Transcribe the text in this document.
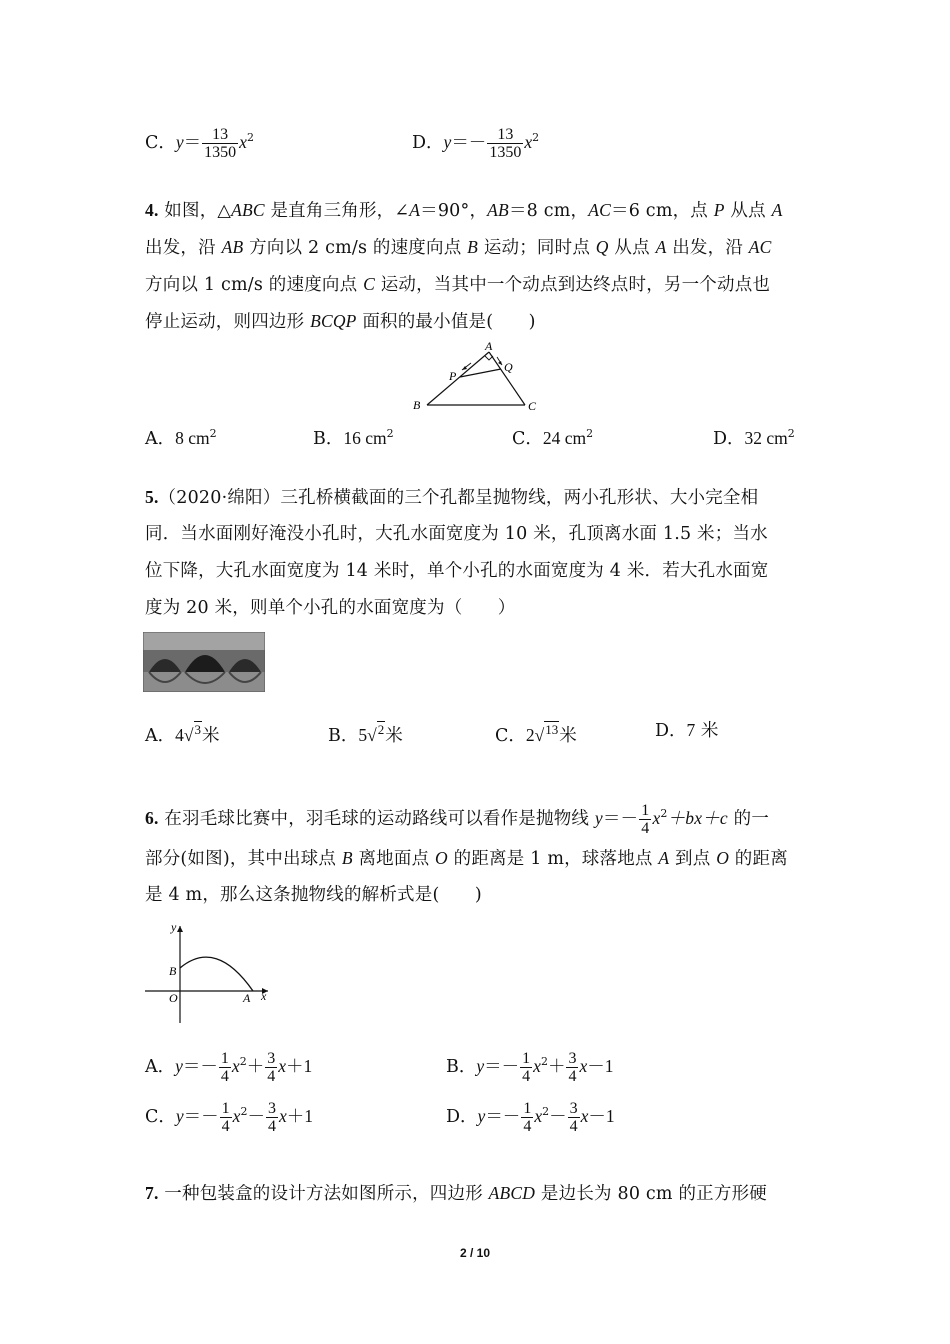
C．$y= \frac{13}{1350} x^2$	D．$y=- \frac{13}{1350} x^2$
4. 如图，△ABC 是直角三角形，∠A＝90°，AB＝8 cm，AC＝6 cm，点 P 从点 A
出发，沿 AB 方向以 2 cm/s 的速度向点 B 运动；同时点 Q 从点 A 出发，沿 AC
方向以 1 cm/s 的速度向点 C 运动，当其中一个动点到达终点时，另一个动点也
停止运动，则四边形 BCQP 面积的最小值是(　　)
A
B	C
P
Q
A．8 $cm^2$	B．16 $cm^2$	C．24 $cm^2$	D．32 $cm^2$
5.（2020·绵阳）三孔桥横截面的三个孔都呈抛物线，两小孔形状、大小完全相
同．当水面刚好淹没小孔时，大孔水面宽度为 10 米，孔顶离水面 1.5 米；当水
位下降，大孔水面宽度为 14 米时，单个小孔的水面宽度为 4 米．若大孔水面宽
度为 20 米，则单个小孔的水面宽度为（　　）
A．4√$^3$米	B．5√$^2$米	C．2√$^{13}$米	D．7 米
6. 在羽毛球比赛中，羽毛球的运动路线可以看作是抛物线 $y=- \frac{1}{4} x^2+bx+c$ 的一
部分(如图)，其中出球点 B 离地面点 O 的距离是 1 m，球落地点 A 到点 O 的距离
是 4 m，那么这条抛物线的解析式是(　　)
y
x
B
O	A
A．$y=- \frac{1}{4} x^2+ \frac{3}{4} x+1$	B．$y=- \frac{1}{4} x^2+ \frac{3}{4} x-1$
C．$y=- \frac{1}{4} x^2- \frac{3}{4} x+1$	D．$y=- \frac{1}{4} x^2- \frac{3}{4} x-1$
7. 一种包装盒的设计方法如图所示，四边形 ABCD 是边长为 80 cm 的正方形硬
2 / 10
